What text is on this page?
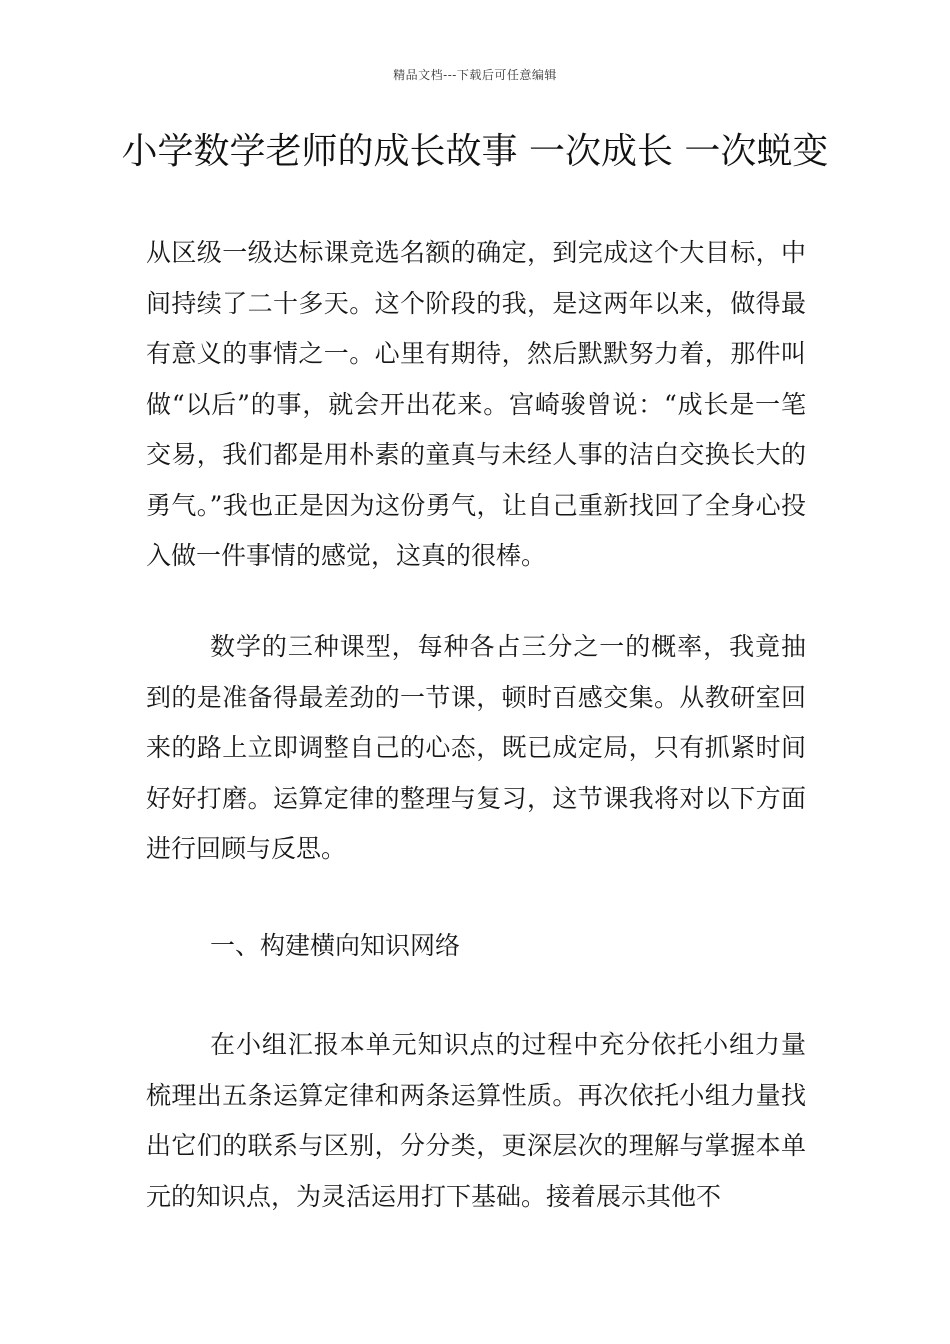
精品文档---下载后可任意编辑
小学数学老师的成长故事 一次成长 一次蜕变

从区级一级达标课竞选名额的确定，到完成这个大目标，中间持续了二十多天。这个阶段的我，是这两年以来，做得最有意义的事情之一。心里有期待，然后默默努力着，那件叫做“以后”的事，就会开出花来。宫崎骏曾说：“成长是一笔交易，我们都是用朴素的童真与未经人事的洁白交换长大的勇气。”我也正是因为这份勇气，让自己重新找回了全身心投入做一件事情的感觉，这真的很棒。

数学的三种课型，每种各占三分之一的概率，我竟抽到的是准备得最差劲的一节课，顿时百感交集。从教研室回来的路上立即调整自己的心态，既已成定局，只有抓紧时间好好打磨。运算定律的整理与复习，这节课我将对以下方面进行回顾与反思。

一、构建横向知识网络

在小组汇报本单元知识点的过程中充分依托小组力量梳理出五条运算定律和两条运算性质。再次依托小组力量找出它们的联系与区别，分分类，更深层次的理解与掌握本单元的知识点，为灵活运用打下基础。接着展示其他不
